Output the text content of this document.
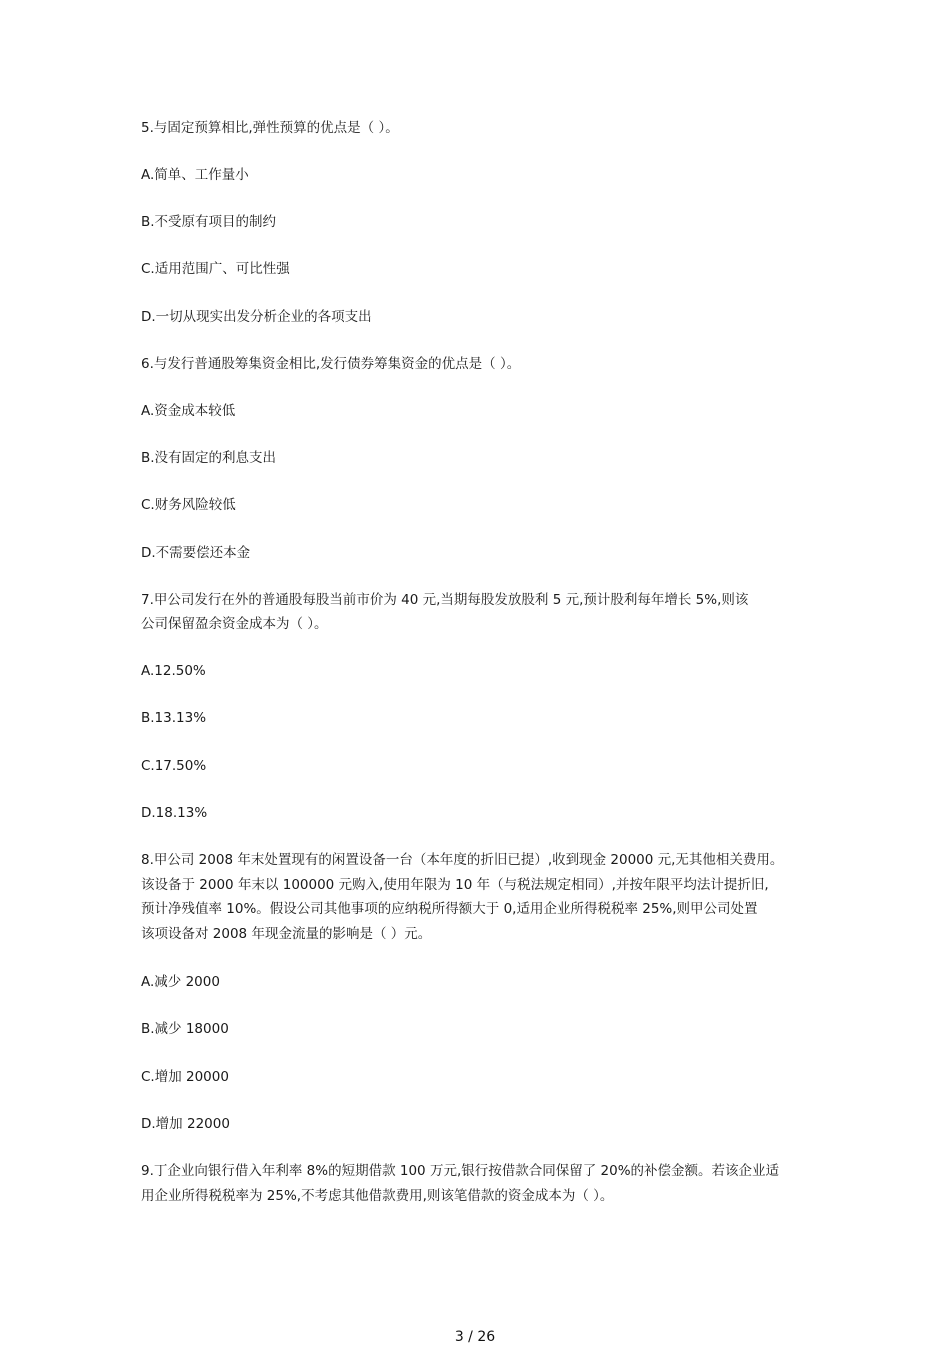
5.与固定预算相比,弹性预算的优点是（ ）。
A.简单、工作量小
B.不受原有项目的制约
C.适用范围广、可比性强
D.一切从现实出发分析企业的各项支出
6.与发行普通股筹集资金相比,发行债券筹集资金的优点是（ ）。
A.资金成本较低
B.没有固定的利息支出
C.财务风险较低
D.不需要偿还本金
7.甲公司发行在外的普通股每股当前市价为 40 元,当期每股发放股利 5 元,预计股利每年增长 5%,则该
公司保留盈余资金成本为（ ）。
A.12.50%
B.13.13%
C.17.50%
D.18.13%
8.甲公司 2008 年末处置现有的闲置设备一台（本年度的折旧已提）,收到现金 20000 元,无其他相关费用。
该设备于 2000 年末以 100000 元购入,使用年限为 10 年（与税法规定相同）,并按年限平均法计提折旧,
预计净残值率 10%。假设公司其他事项的应纳税所得额大于 0,适用企业所得税税率 25%,则甲公司处置
该项设备对 2008 年现金流量的影响是（ ）元。
A.减少 2000
B.减少 18000
C.增加 20000
D.增加 22000
9.丁企业向银行借入年利率 8%的短期借款 100 万元,银行按借款合同保留了 20%的补偿金额。若该企业适
用企业所得税税率为 25%,不考虑其他借款费用,则该笔借款的资金成本为（ ）。
3 / 26
